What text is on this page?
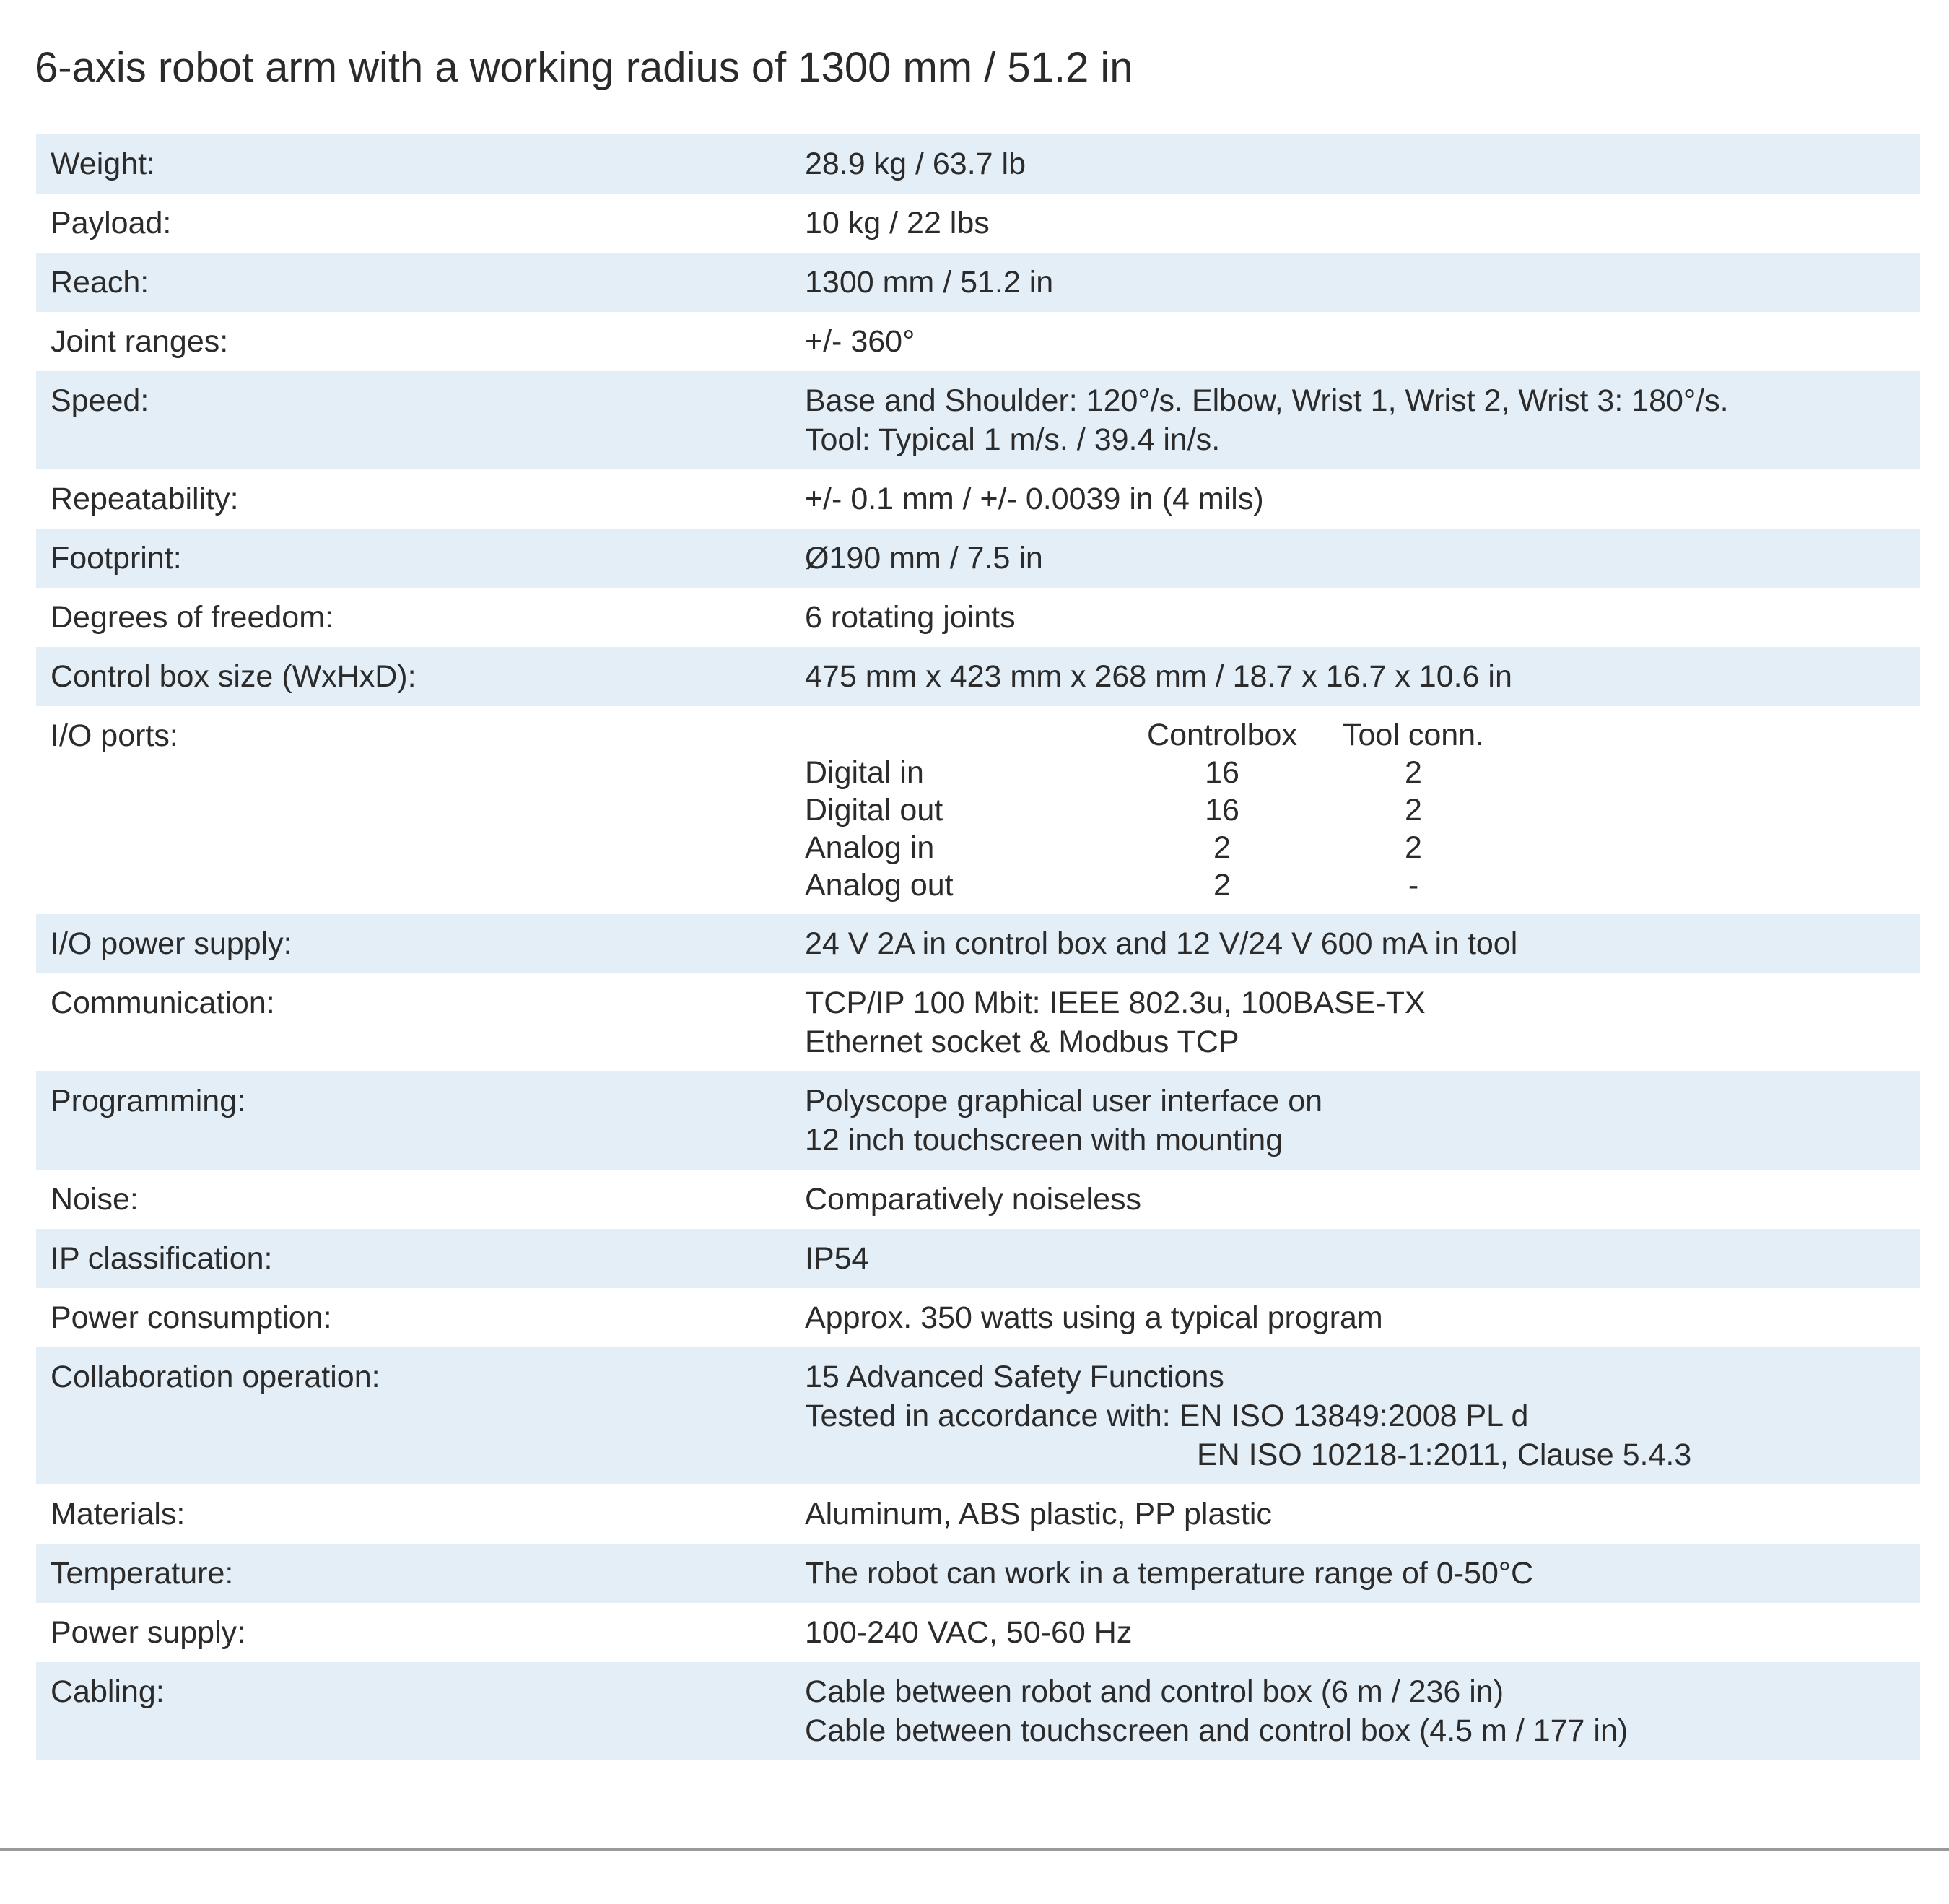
6-axis robot arm with a working radius of 1300 mm / 51.2 in
Weight:	28.9 kg / 63.7 lb
Payload:	10 kg / 22 lbs
Reach:	1300 mm / 51.2 in
Joint ranges:	+/- 360°
Speed:	Base and Shoulder: 120°/s. Elbow, Wrist 1, Wrist 2, Wrist 3: 180°/s.
Tool: Typical 1 m/s. / 39.4 in/s.
Repeatability:	+/- 0.1 mm / +/- 0.0039 in (4 mils)
Footprint:	Ø190 mm / 7.5 in
Degrees of freedom:	6 rotating joints
Control box size (WxHxD):	475 mm x 423 mm x 268 mm / 18.7 x 16.7 x 10.6 in
I/O ports:	Controlbox	Tool conn.
Digital in	16	2
Digital out	16	2
Analog in	2	2
Analog out	2	-
I/O power supply:	24 V 2A in control box and 12 V/24 V 600 mA in tool
Communication:	TCP/IP 100 Mbit: IEEE 802.3u, 100BASE-TX
Ethernet socket & Modbus TCP
Programming:	Polyscope graphical user interface on
12 inch touchscreen with mounting
Noise:	Comparatively noiseless
IP classification:	IP54
Power consumption:	Approx. 350 watts using a typical program
Collaboration operation:	15 Advanced Safety Functions
Tested in accordance with: EN ISO 13849:2008 PL d
EN ISO 10218-1:2011, Clause 5.4.3
Materials:	Aluminum, ABS plastic, PP plastic
Temperature:	The robot can work in a temperature range of 0-50°C
Power supply:	100-240 VAC, 50-60 Hz
Cabling:	Cable between robot and control box (6 m / 236 in)
Cable between touchscreen and control box (4.5 m / 177 in)
